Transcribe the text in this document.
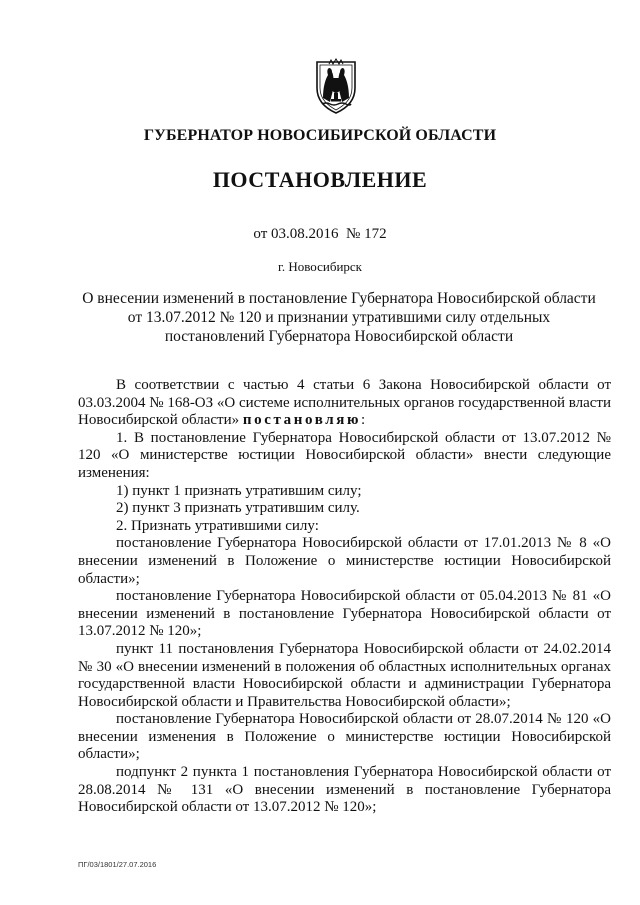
ГУБЕРНАТОР НОВОСИБИРСКОЙ ОБЛАСТИ
ПОСТАНОВЛЕНИЕ
от 03.08.2016  № 172
г. Новосибирск
О внесении изменений в постановление Губернатора Новосибирской области от 13.07.2012 № 120 и признании утратившими силу отдельных постановлений Губернатора Новосибирской области

В соответствии с частью 4 статьи 6 Закона Новосибирской области от 03.03.2004 № 168-ОЗ «О системе исполнительных органов государственной власти Новосибирской области» постановляю:

1. В постановление Губернатора Новосибирской области от 13.07.2012 № 120 «О министерстве юстиции Новосибирской области» внести следующие изменения:

1) пункт 1 признать утратившим силу;

2) пункт 3 признать утратившим силу.

2. Признать утратившими силу:

постановление Губернатора Новосибирской области от 17.01.2013 № 8 «О внесении изменений в Положение о министерстве юстиции Новосибирской области»;

постановление Губернатора Новосибирской области от 05.04.2013 № 81 «О внесении изменений в постановление Губернатора Новосибирской области от 13.07.2012 № 120»;

пункт 11 постановления Губернатора Новосибирской области от 24.02.2014 № 30 «О внесении изменений в положения об областных исполнительных органах государственной власти Новосибирской области и администрации Губернатора Новосибирской области и Правительства Новосибирской области»;

постановление Губернатора Новосибирской области от 28.07.2014 № 120 «О внесении изменения в Положение о министерстве юстиции Новосибирской области»;

подпункт 2 пункта 1 постановления Губернатора Новосибирской области от 28.08.2014 № 131 «О внесении изменений в постановление Губернатора Новосибирской области от 13.07.2012 № 120»;

ПГ/03/1801/27.07.2016
